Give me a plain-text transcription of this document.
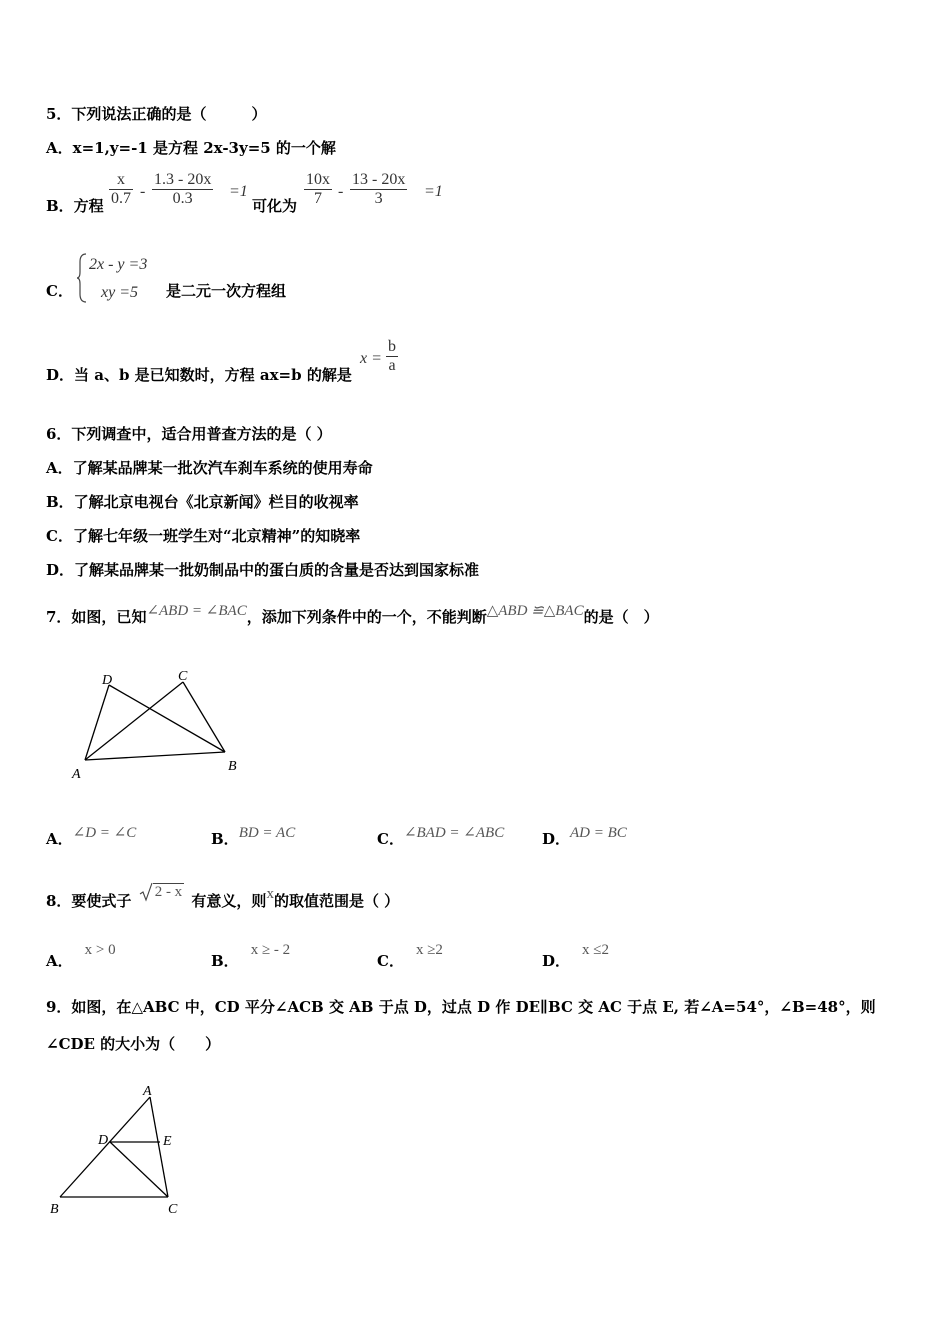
5．下列说法正确的是（　　　）
A．x=1,y=-1 是方程 2x-3y=5 的一个解
B．方程 $\frac{x}{0.7} - \frac{1.3 - 20x}{0.3} =1$
可化为 $\frac{10x}{7} - \frac{13 - 20x}{3} =1$
C．
2x - y =3
xy =5 是二元一次方程组
D．当 a、b 是已知数时，方程 ax=b 的解是
$x = \frac{b}{a}$
6．下列调查中，适合用普查方法的是（ ）
A．了解某品牌某一批次汽车刹车系统的使用寿命
B．了解北京电视台《北京新闻》栏目的收视率
C．了解七年级一班学生对“北京精神”的知晓率
D．了解某品牌某一批奶制品中的蛋白质的含量是否达到国家标准
7．如图，已知∠ABD = ∠BAC，添加下列条件中的一个，不能判断△ABD ≌△BAC的是（　）
D	C
A
B
A．∠D = ∠C	B．BD = AC	C．∠BAD = ∠ABC	D．AD = BC
8．要使式子 2 - x 有意义，则x的取值范围是（ ）
A．x > 0
B．x ≥ - 2
C．x ≥2
D．x ≤2
9．如图，在△ABC 中，CD 平分∠ACB 交 AB 于点 D，过点 D 作 DE∥BC 交 AC 于点 E, 若∠A=54°，∠B=48°，则
∠CDE 的大小为（　　）
A
D	E
B	C
